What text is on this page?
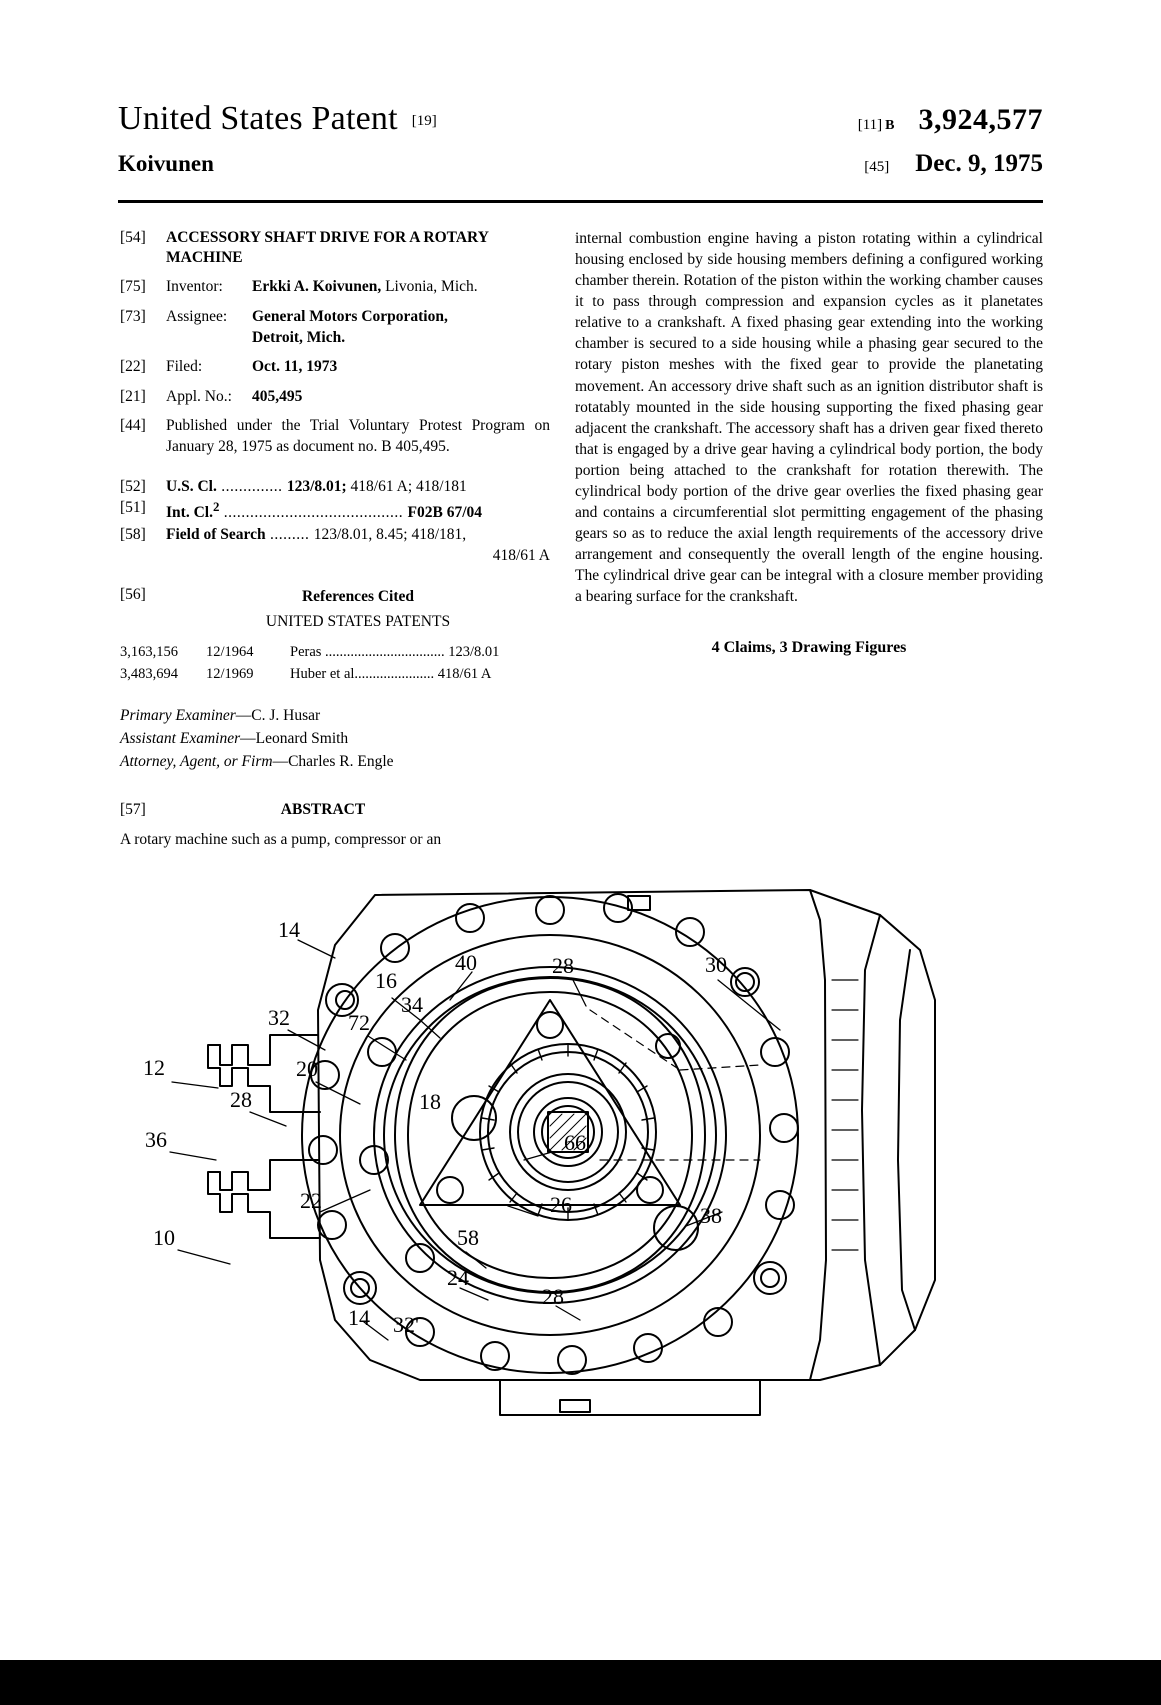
United States Patent [19]	[11] B 3,924,577
Koivunen	[45] Dec. 9, 1975
[54]	ACCESSORY SHAFT DRIVE FOR A ROTARY MACHINE
[75]	Inventor:	Erkki A. Koivunen, Livonia, Mich.
[73]	Assignee:	General Motors Corporation,
Detroit, Mich.
[22]	Filed:	Oct. 11, 1973
[21]	Appl. No.:	405,495
[44]	Published under the Trial Voluntary Protest Program on January 28, 1975 as document no. B 405,495.
[52]	U.S. Cl. .............. 123/8.01; 418/61 A; 418/181
[51]	Int. Cl.$^2$ ......................................... F02B 67/04
[58]	Field of Search ......... 123/8.01, 8.45; 418/181,

418/61 A
[56]	References Cited
UNITED STATES PATENTS
3,163,156	12/1964	Peras ................................. 123/8.01
3,483,694	12/1969	Huber et al...................... 418/61 A
Primary Examiner—C. J. Husar
Assistant Examiner—Leonard Smith
Attorney, Agent, or Firm—Charles R. Engle
[57]	ABSTRACT
A rotary machine such as a pump, compressor or an
internal combustion engine having a piston rotating within a cylindrical housing enclosed by side housing members defining a configured working chamber therein. Rotation of the piston within the working chamber causes it to pass through compression and expansion cycles as it planetates relative to a crankshaft. A fixed phasing gear extending into the working chamber is secured to a side housing while a phasing gear secured to the rotary piston meshes with the fixed gear to provide the planetating movement. An accessory drive shaft such as an ignition distributor shaft is rotatably mounted in the side housing supporting the fixed phasing gear adjacent the crankshaft. The accessory shaft has a driven gear fixed thereto that is engaged by a drive gear having a cylindrical body portion, the body portion being attached to the crankshaft for rotation therewith. The cylindrical body portion of the drive gear overlies the fixed phasing gear and contains a circumferential slot permitting engagement of the phasing gears so as to reduce the axial length requirements of the accessory drive arrangement and consequently the overall length of the engine housing. The cylindrical drive gear can be integral with a closure member providing a bearing surface for the crankshaft.
4 Claims, 3 Drawing Figures
14
16
40	28	30
34
32	72
12	20
28	18
36	66
22	26	38
58
10
24
28
14 32'
